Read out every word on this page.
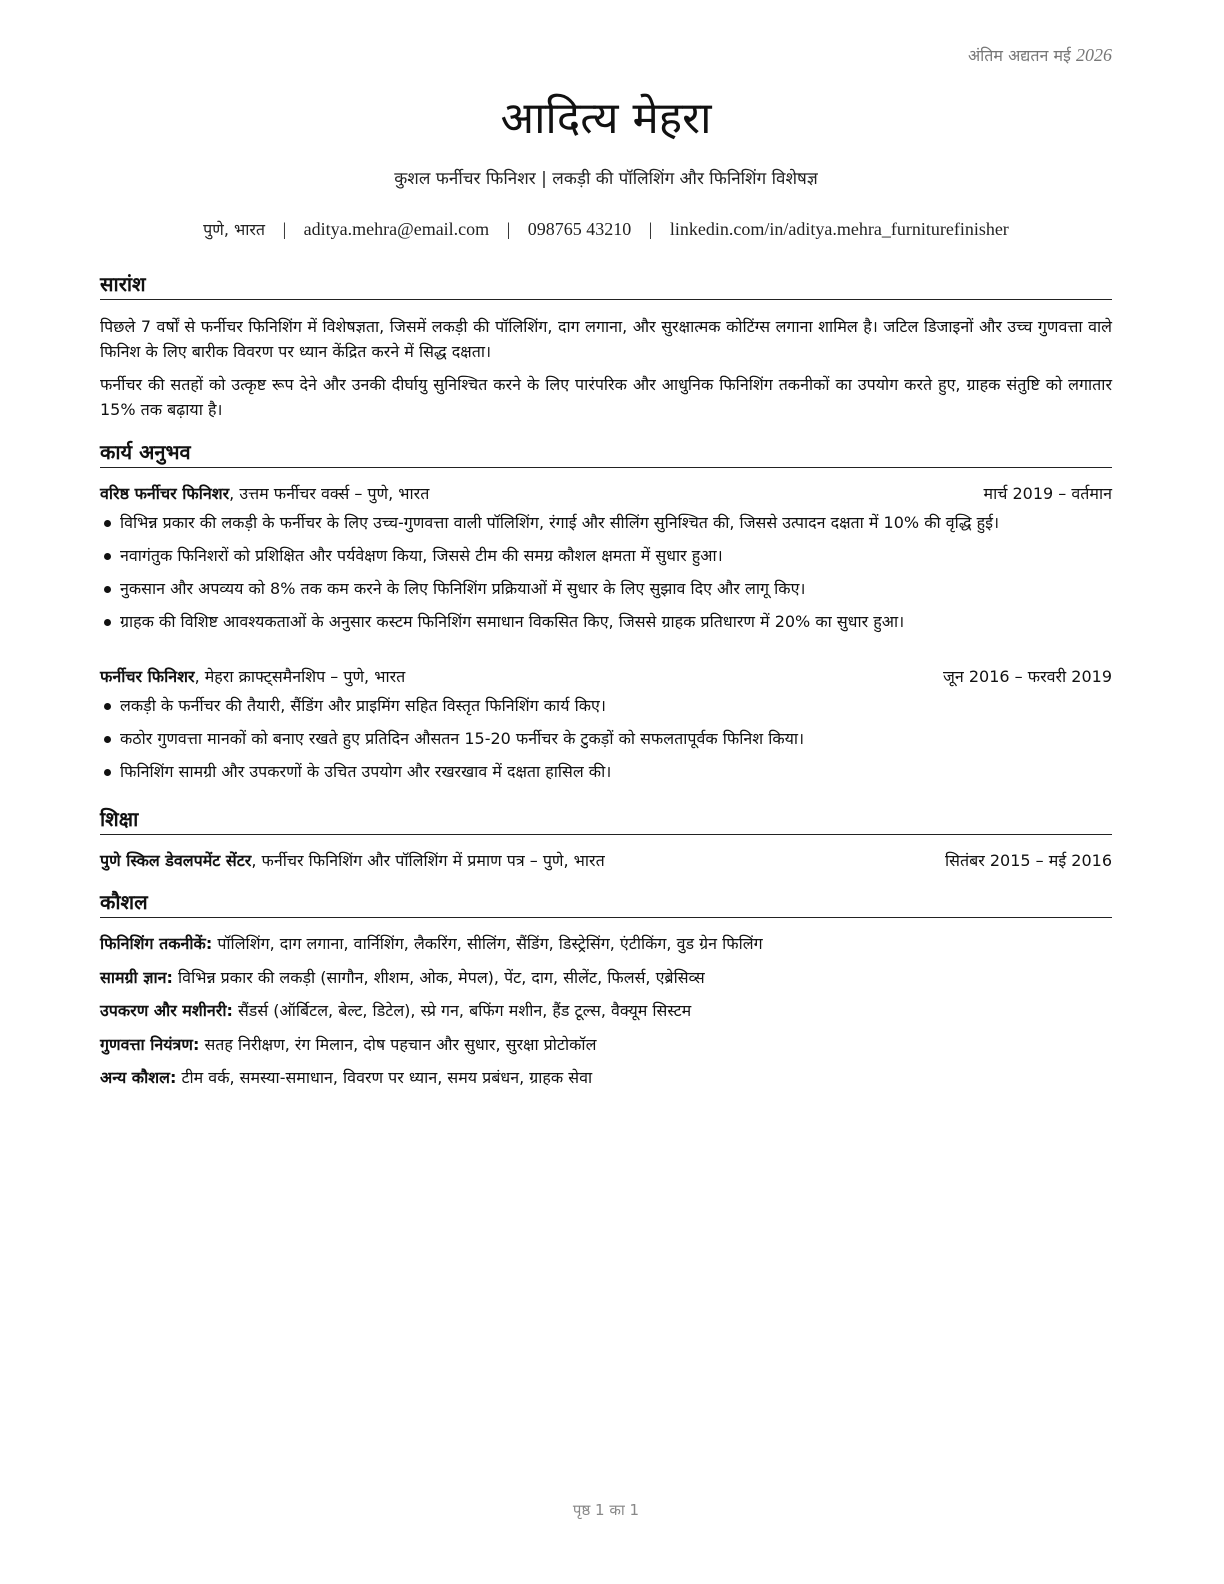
अंतिम अद्यतन मई 2026
आदित्य मेहरा
कुशल फर्नीचर फिनिशर | लकड़ी की पॉलिशिंग और फिनिशिंग विशेषज्ञ
पुणे, भारत | aditya.mehra@email.com | 098765 43210 | linkedin.com/in/aditya.mehra_furniturefinisher
सारांश
पिछले 7 वर्षों से फर्नीचर फिनिशिंग में विशेषज्ञता, जिसमें लकड़ी की पॉलिशिंग, दाग लगाना, और सुरक्षात्मक कोटिंग्स लगाना शामिल है। जटिल डिजाइनों और उच्च गुणवत्ता वाले फिनिश के लिए बारीक विवरण पर ध्यान केंद्रित करने में सिद्ध दक्षता।
फर्नीचर की सतहों को उत्कृष्ट रूप देने और उनकी दीर्घायु सुनिश्चित करने के लिए पारंपरिक और आधुनिक फिनिशिंग तकनीकों का उपयोग करते हुए, ग्राहक संतुष्टि को लगातार 15% तक बढ़ाया है।
कार्य अनुभव
वरिष्ठ फर्नीचर फिनिशर, उत्तम फर्नीचर वर्क्स – पुणे, भारत	मार्च 2019 – वर्तमान
विभिन्न प्रकार की लकड़ी के फर्नीचर के लिए उच्च-गुणवत्ता वाली पॉलिशिंग, रंगाई और सीलिंग सुनिश्चित की, जिससे उत्पादन दक्षता में 10% की वृद्धि हुई।
नवागंतुक फिनिशरों को प्रशिक्षित और पर्यवेक्षण किया, जिससे टीम की समग्र कौशल क्षमता में सुधार हुआ।
नुकसान और अपव्यय को 8% तक कम करने के लिए फिनिशिंग प्रक्रियाओं में सुधार के लिए सुझाव दिए और लागू किए।
ग्राहक की विशिष्ट आवश्यकताओं के अनुसार कस्टम फिनिशिंग समाधान विकसित किए, जिससे ग्राहक प्रतिधारण में 20% का सुधार हुआ।
फर्नीचर फिनिशर, मेहरा क्राफ्ट्समैनशिप – पुणे, भारत	जून 2016 – फरवरी 2019
लकड़ी के फर्नीचर की तैयारी, सैंडिंग और प्राइमिंग सहित विस्तृत फिनिशिंग कार्य किए।
कठोर गुणवत्ता मानकों को बनाए रखते हुए प्रतिदिन औसतन 15-20 फर्नीचर के टुकड़ों को सफलतापूर्वक फिनिश किया।
फिनिशिंग सामग्री और उपकरणों के उचित उपयोग और रखरखाव में दक्षता हासिल की।
शिक्षा
पुणे स्किल डेवलपमेंट सेंटर, फर्नीचर फिनिशिंग और पॉलिशिंग में प्रमाण पत्र – पुणे, भारत	सितंबर 2015 – मई 2016
कौशल
फिनिशिंग तकनीकें: पॉलिशिंग, दाग लगाना, वार्निशिंग, लैकरिंग, सीलिंग, सैंडिंग, डिस्ट्रेसिंग, एंटीकिंग, वुड ग्रेन फिलिंग
सामग्री ज्ञान: विभिन्न प्रकार की लकड़ी (सागौन, शीशम, ओक, मेपल), पेंट, दाग, सीलेंट, फिलर्स, एब्रेसिव्स
उपकरण और मशीनरी: सैंडर्स (ऑर्बिटल, बेल्ट, डिटेल), स्प्रे गन, बफिंग मशीन, हैंड टूल्स, वैक्यूम सिस्टम
गुणवत्ता नियंत्रण: सतह निरीक्षण, रंग मिलान, दोष पहचान और सुधार, सुरक्षा प्रोटोकॉल
अन्य कौशल: टीम वर्क, समस्या-समाधान, विवरण पर ध्यान, समय प्रबंधन, ग्राहक सेवा
पृष्ठ 1 का 1
